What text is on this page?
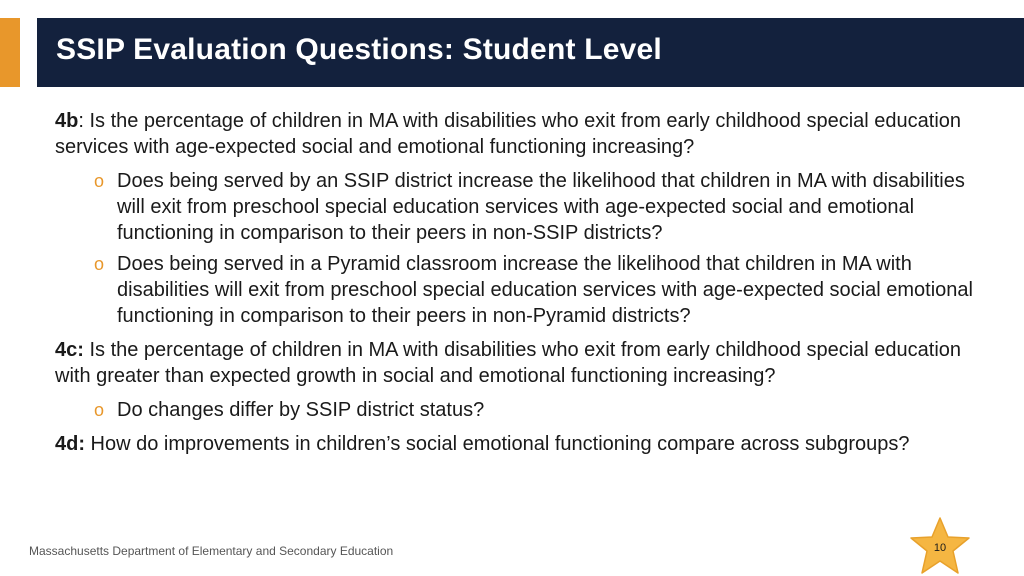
SSIP Evaluation Questions: Student Level

4b: Is the percentage of children in MA with disabilities who exit from early childhood special education services with age-expected social and emotional functioning increasing?

o Does being served by an SSIP district increase the likelihood that children in MA with disabilities will exit from preschool special education services with age-expected social and emotional functioning in comparison to their peers in non-SSIP districts?
o Does being served in a Pyramid classroom increase the likelihood that children in MA with disabilities will exit from preschool special education services with age-expected social emotional functioning in comparison to their peers in non-Pyramid districts?

4c: Is the percentage of children in MA with disabilities who exit from early childhood special education with greater than expected growth in social and emotional functioning increasing?

o Do changes differ by SSIP district status?

4d: How do improvements in children’s social emotional functioning compare across subgroups?

Massachusetts Department of Elementary and Secondary Education	10
